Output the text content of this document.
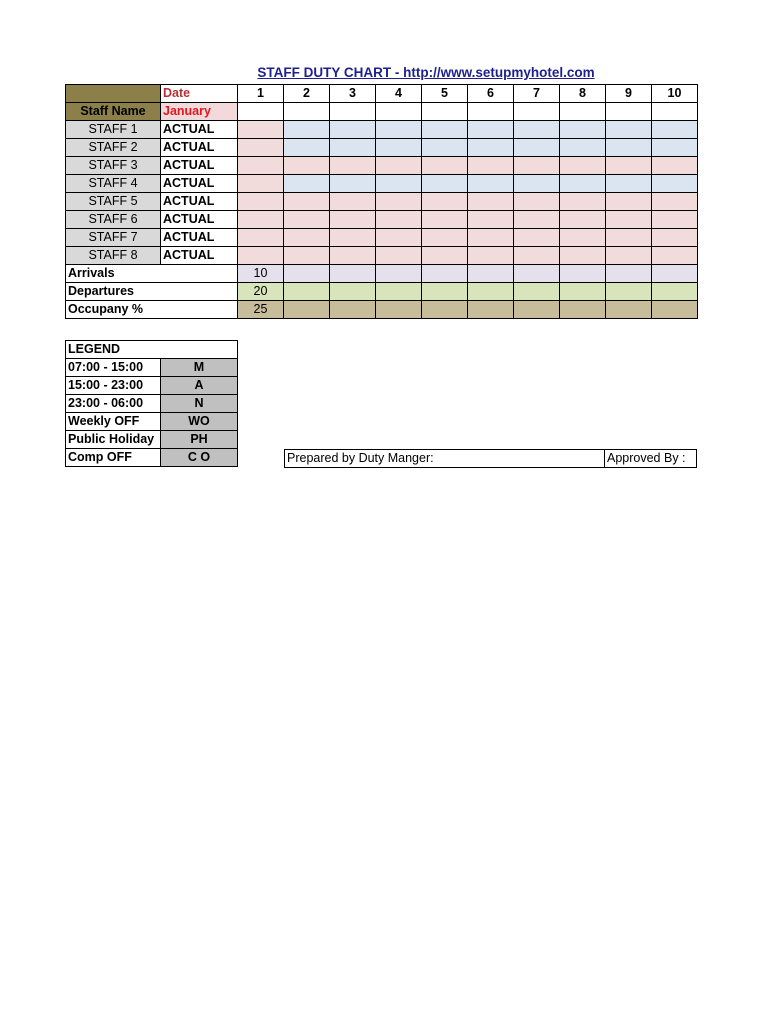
STAFF DUTY CHART - http://www.setupmyhotel.com
	Date	1	2	3	4	5	6	7	8	9	10
Staff Name	January										
STAFF 1	ACTUAL										
STAFF 2	ACTUAL										
STAFF 3	ACTUAL										
STAFF 4	ACTUAL										
STAFF 5	ACTUAL										
STAFF 6	ACTUAL										
STAFF 7	ACTUAL										
STAFF 8	ACTUAL										
Arrivals		10									
Departures		20									
Occupany %		25									
LEGEND	
07:00 - 15:00	M
15:00 - 23:00	A
23:00 - 06:00	N
Weekly OFF	WO
Public Holiday	PH
Comp OFF	C O	Prepared by Duty Manger:	Approved By :
